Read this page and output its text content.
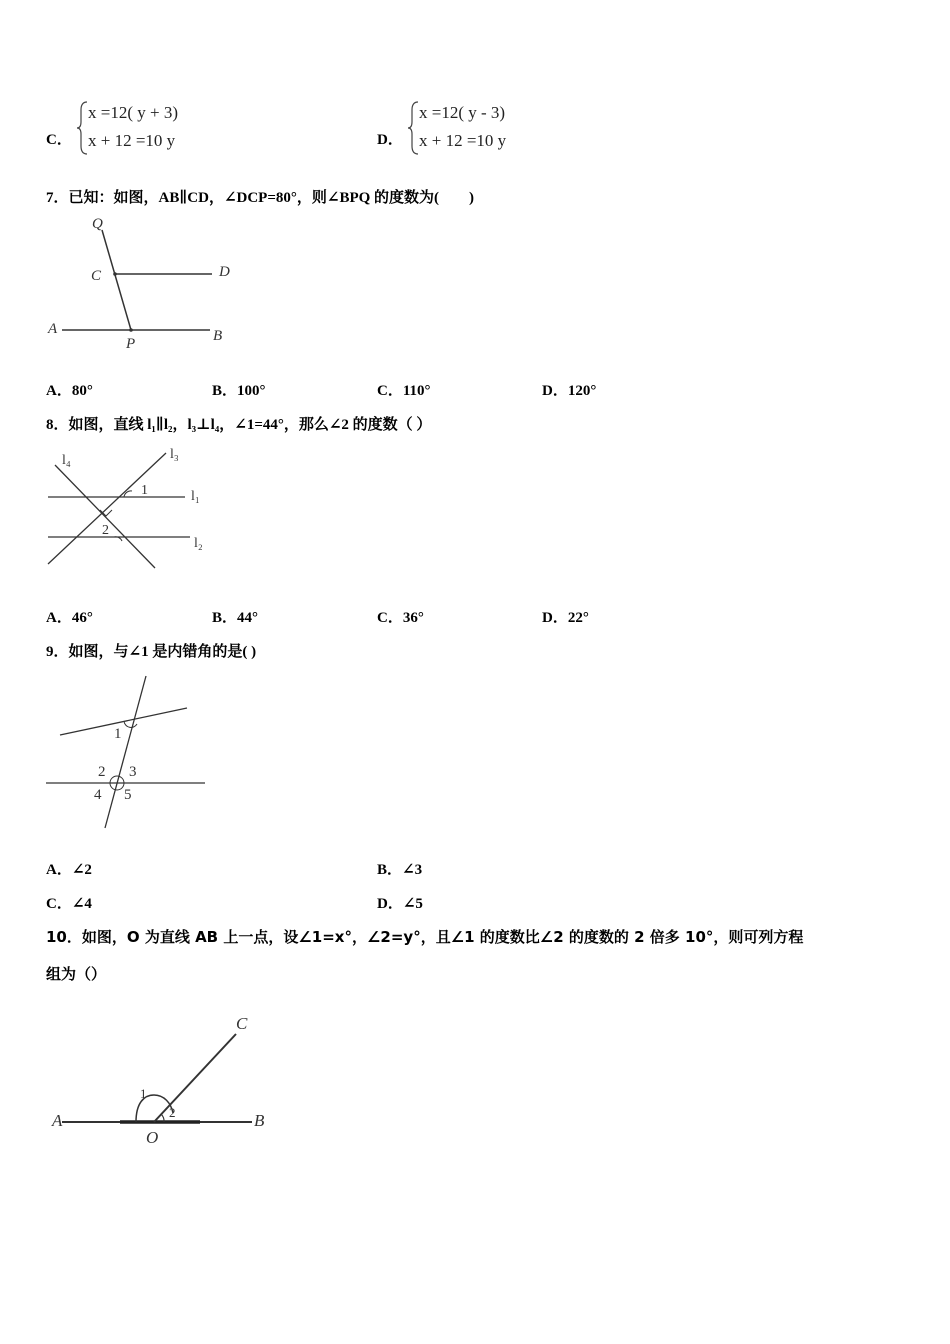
C．
x =12( y + 3)
x + 12 =10 y	D．
x =12( y - 3)
x + 12 =10 y
7．已知：如图，AB∥CD，∠DCP=80°，则∠BPQ 的度数为(　　)
Q
C	D
A
P	B
A．80°	B．100°	C．110°	D．120°
8．如图，直线 l₁∥l₂，l₃⊥l₄，∠1=44°，那么∠2 的度数（ ）
l₄	l₃
1	l₁
2
l₂
A．46°	B．44°	C．36°	D．22°
9．如图，与∠1 是内错角的是( )
1
2 3
4 5
A．∠2	B．∠3
C．∠4	D．∠5
10．如图，O 为直线 AB 上一点，设∠1=x°，∠2=y°，且∠1 的度数比∠2 的度数的 2 倍多 10°，则可列方程
组为（）
C
1
2
A
O
B
